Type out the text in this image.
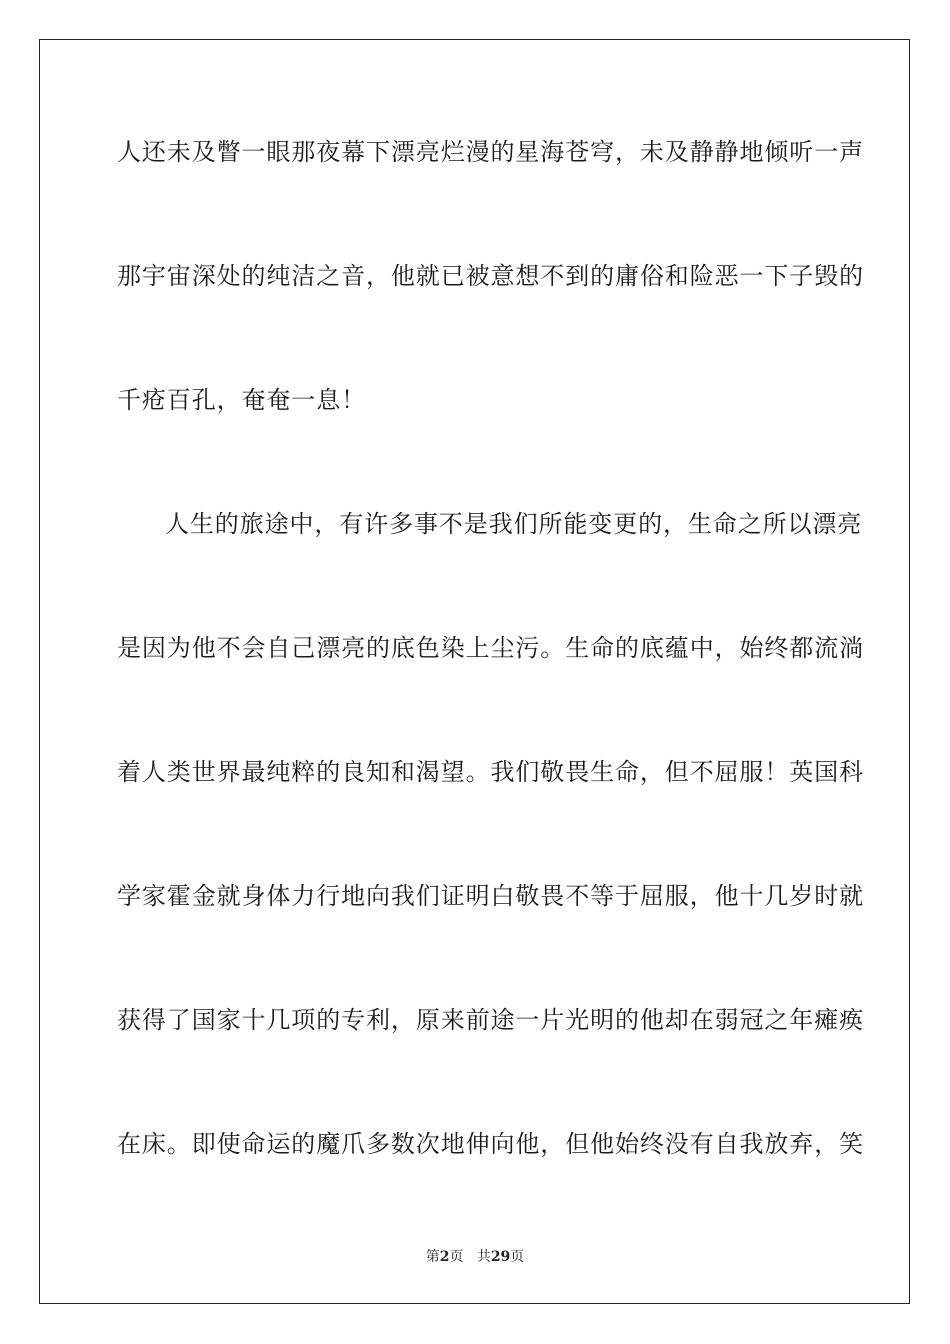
人还未及瞥一眼那夜幕下漂亮烂漫的星海苍穹，未及静静地倾听一声
那宇宙深处的纯洁之音，他就已被意想不到的庸俗和险恶一下子毁的
千疮百孔，奄奄一息！
人生的旅途中，有许多事不是我们所能变更的，生命之所以漂亮
是因为他不会自己漂亮的底色染上尘污。生命的底蕴中，始终都流淌
着人类世界最纯粹的良知和渴望。我们敬畏生命，但不屈服！英国科
学家霍金就身体力行地向我们证明白敬畏不等于屈服，他十几岁时就
获得了国家十几项的专利，原来前途一片光明的他却在弱冠之年瘫痪
在床。即使命运的魔爪多数次地伸向他，但他始终没有自我放弃，笑
第2页 共29页
